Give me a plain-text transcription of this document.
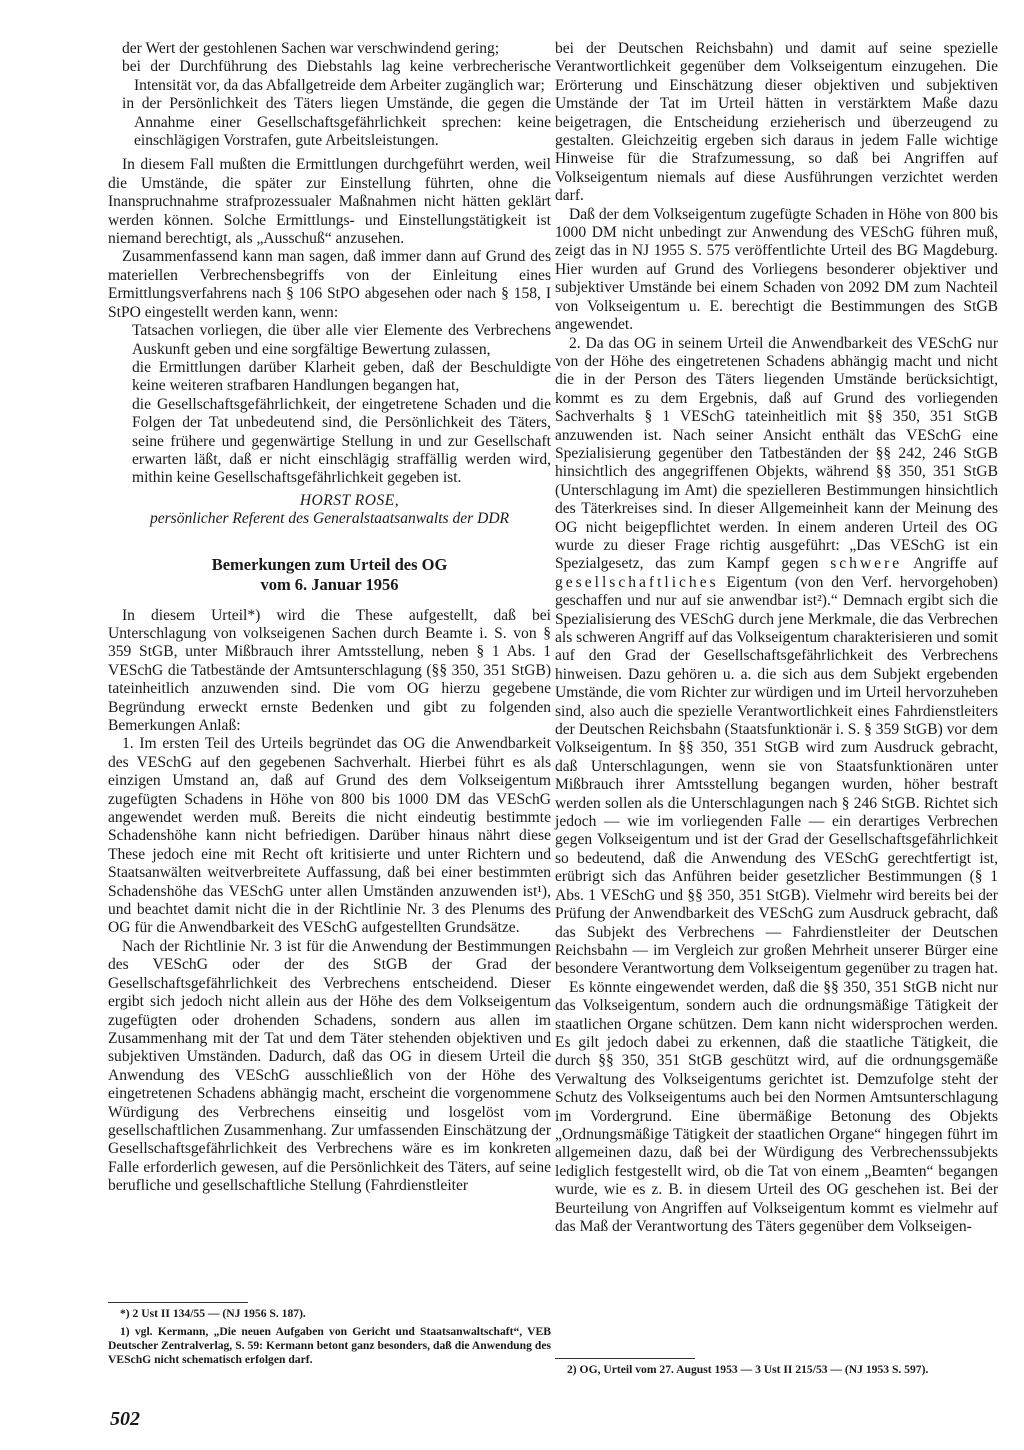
der Wert der gestohlenen Sachen war verschwindend gering;

bei der Durchführung des Diebstahls lag keine verbrecherische Intensität vor, da das Abfallgetreide dem Arbeiter zugänglich war;

in der Persönlichkeit des Täters liegen Umstände, die gegen die Annahme einer Gesellschaftsgefährlichkeit sprechen: keine einschlägigen Vorstrafen, gute Arbeitsleistungen.

In diesem Fall mußten die Ermittlungen durchgeführt werden, weil die Umstände, die später zur Einstellung führten, ohne die Inanspruchnahme strafprozessualer Maßnahmen nicht hätten geklärt werden können. Solche Ermittlungs- und Einstellungstätigkeit ist niemand berechtigt, als „Ausschuß“ anzusehen.

Zusammenfassend kann man sagen, daß immer dann auf Grund des materiellen Verbrechensbegriffs von der Einleitung eines Ermittlungsverfahrens nach § 106 StPO abgesehen oder nach § 158, I StPO eingestellt werden kann, wenn:

Tatsachen vorliegen, die über alle vier Elemente des Verbrechens Auskunft geben und eine sorgfältige Bewertung zulassen,

die Ermittlungen darüber Klarheit geben, daß der Beschuldigte keine weiteren strafbaren Handlungen begangen hat,

die Gesellschaftsgefährlichkeit, der eingetretene Schaden und die Folgen der Tat unbedeutend sind, die Persönlichkeit des Täters, seine frühere und gegenwärtige Stellung in und zur Gesellschaft erwarten läßt, daß er nicht einschlägig straffällig werden wird, mithin keine Gesellschaftsgefährlichkeit gegeben ist.

HORST ROSE,

persönlicher Referent des Generalstaatsanwalts der DDR

Bemerkungen zum Urteil des OG
vom 6. Januar 1956

In diesem Urteil*) wird die These aufgestellt, daß bei Unterschlagung von volkseigenen Sachen durch Beamte i. S. von § 359 StGB, unter Mißbrauch ihrer Amtsstellung, neben § 1 Abs. 1 VESchG die Tatbestände der Amtsunterschlagung (§§ 350, 351 StGB) tateinheitlich anzuwenden sind. Die vom OG hierzu gegebene Begründung erweckt ernste Bedenken und gibt zu folgenden Bemerkungen Anlaß:

1. Im ersten Teil des Urteils begründet das OG die Anwendbarkeit des VESchG auf den gegebenen Sachverhalt. Hierbei führt es als einzigen Umstand an, daß auf Grund des dem Volkseigentum zugefügten Schadens in Höhe von 800 bis 1000 DM das VESchG angewendet werden muß. Bereits die nicht eindeutig bestimmte Schadenshöhe kann nicht befriedigen. Darüber hinaus nährt diese These jedoch eine mit Recht oft kritisierte und unter Richtern und Staatsanwälten weitverbreitete Auffassung, daß bei einer bestimmten Schadenshöhe das VESchG unter allen Umständen anzuwenden ist¹), und beachtet damit nicht die in der Richtlinie Nr. 3 des Plenums des OG für die Anwendbarkeit des VESchG aufgestellten Grundsätze.

Nach der Richtlinie Nr. 3 ist für die Anwendung der Bestimmungen des VESchG oder der des StGB der Grad der Gesellschaftsgefährlichkeit des Verbrechens entscheidend. Dieser ergibt sich jedoch nicht allein aus der Höhe des dem Volkseigentum zugefügten oder drohenden Schadens, sondern aus allen im Zusammenhang mit der Tat und dem Täter stehenden objektiven und subjektiven Umständen. Dadurch, daß das OG in diesem Urteil die Anwendung des VESchG ausschließlich von der Höhe des eingetretenen Schadens abhängig macht, erscheint die vorgenommene Würdigung des Verbrechens einseitig und losgelöst vom gesellschaftlichen Zusammenhang. Zur umfassenden Einschätzung der Gesellschaftsgefährlichkeit des Verbrechens wäre es im konkreten Falle erforderlich gewesen, auf die Persönlichkeit des Täters, auf seine berufliche und gesellschaftliche Stellung (Fahrdienstleiter

*) 2 Ust II 134/55 — (NJ 1956 S. 187).

1) vgl. Kermann, „Die neuen Aufgaben von Gericht und Staatsanwaltschaft“, VEB Deutscher Zentralverlag, S. 59: Kermann betont ganz besonders, daß die Anwendung des VESchG nicht schematisch erfolgen darf.

bei der Deutschen Reichsbahn) und damit auf seine spezielle Verantwortlichkeit gegenüber dem Volkseigentum einzugehen. Die Erörterung und Einschätzung dieser objektiven und subjektiven Umstände der Tat im Urteil hätten in verstärktem Maße dazu beigetragen, die Entscheidung erzieherisch und überzeugend zu gestalten. Gleichzeitig ergeben sich daraus in jedem Falle wichtige Hinweise für die Strafzumessung, so daß bei Angriffen auf Volkseigentum niemals auf diese Ausführungen verzichtet werden darf.

Daß der dem Volkseigentum zugefügte Schaden in Höhe von 800 bis 1000 DM nicht unbedingt zur Anwendung des VESchG führen muß, zeigt das in NJ 1955 S. 575 veröffentlichte Urteil des BG Magdeburg. Hier wurden auf Grund des Vorliegens besonderer objektiver und subjektiver Umstände bei einem Schaden von 2092 DM zum Nachteil von Volkseigentum u. E. berechtigt die Bestimmungen des StGB angewendet.

2. Da das OG in seinem Urteil die Anwendbarkeit des VESchG nur von der Höhe des eingetretenen Schadens abhängig macht und nicht die in der Person des Täters liegenden Umstände berücksichtigt, kommt es zu dem Ergebnis, daß auf Grund des vorliegenden Sachverhalts § 1 VESchG tateinheitlich mit §§ 350, 351 StGB anzuwenden ist. Nach seiner Ansicht enthält das VESchG eine Spezialisierung gegenüber den Tatbeständen der §§ 242, 246 StGB hinsichtlich des angegriffenen Objekts, während §§ 350, 351 StGB (Unterschlagung im Amt) die spezielleren Bestimmungen hinsichtlich des Täterkreises sind. In dieser Allgemeinheit kann der Meinung des OG nicht beigepflichtet werden. In einem anderen Urteil des OG wurde zu dieser Frage richtig ausgeführt: „Das VESchG ist ein Spezialgesetz, das zum Kampf gegen schwere Angriffe auf gesellschaftliches Eigentum (von den Verf. hervorgehoben) geschaffen und nur auf sie anwendbar ist²).“ Demnach ergibt sich die Spezialisierung des VESchG durch jene Merkmale, die das Verbrechen als schweren Angriff auf das Volkseigentum charakterisieren und somit auf den Grad der Gesellschaftsgefährlichkeit des Verbrechens hinweisen. Dazu gehören u. a. die sich aus dem Subjekt ergebenden Umstände, die vom Richter zur würdigen und im Urteil hervorzuheben sind, also auch die spezielle Verantwortlichkeit eines Fahrdienstleiters der Deutschen Reichsbahn (Staatsfunktionär i. S. § 359 StGB) vor dem Volkseigentum. In §§ 350, 351 StGB wird zum Ausdruck gebracht, daß Unterschlagungen, wenn sie von Staatsfunktionären unter Mißbrauch ihrer Amtsstellung begangen wurden, höher bestraft werden sollen als die Unterschlagungen nach § 246 StGB. Richtet sich jedoch — wie im vorliegenden Falle — ein derartiges Verbrechen gegen Volkseigentum und ist der Grad der Gesellschaftsgefährlichkeit so bedeutend, daß die Anwendung des VESchG gerechtfertigt ist, erübrigt sich das Anführen beider gesetzlicher Bestimmungen (§ 1 Abs. 1 VESchG und §§ 350, 351 StGB). Vielmehr wird bereits bei der Prüfung der Anwendbarkeit des VESchG zum Ausdruck gebracht, daß das Subjekt des Verbrechens — Fahrdienstleiter der Deutschen Reichsbahn — im Vergleich zur großen Mehrheit unserer Bürger eine besondere Verantwortung dem Volkseigentum gegenüber zu tragen hat.

Es könnte eingewendet werden, daß die §§ 350, 351 StGB nicht nur das Volkseigentum, sondern auch die ordnungsmäßige Tätigkeit der staatlichen Organe schützen. Dem kann nicht widersprochen werden. Es gilt jedoch dabei zu erkennen, daß die staatliche Tätigkeit, die durch §§ 350, 351 StGB geschützt wird, auf die ordnungsgemäße Verwaltung des Volkseigentums gerichtet ist. Demzufolge steht der Schutz des Volkseigentums auch bei den Normen Amtsunterschlagung im Vordergrund. Eine übermäßige Betonung des Objekts „Ordnungsmäßige Tätigkeit der staatlichen Organe“ hingegen führt im allgemeinen dazu, daß bei der Würdigung des Verbrechenssubjekts lediglich festgestellt wird, ob die Tat von einem „Beamten“ begangen wurde, wie es z. B. in diesem Urteil des OG geschehen ist. Bei der Beurteilung von Angriffen auf Volkseigentum kommt es vielmehr auf das Maß der Verantwortung des Täters gegenüber dem Volkseigen-

2) OG, Urteil vom 27. August 1953 — 3 Ust II 215/53 — (NJ 1953 S. 597).

502
